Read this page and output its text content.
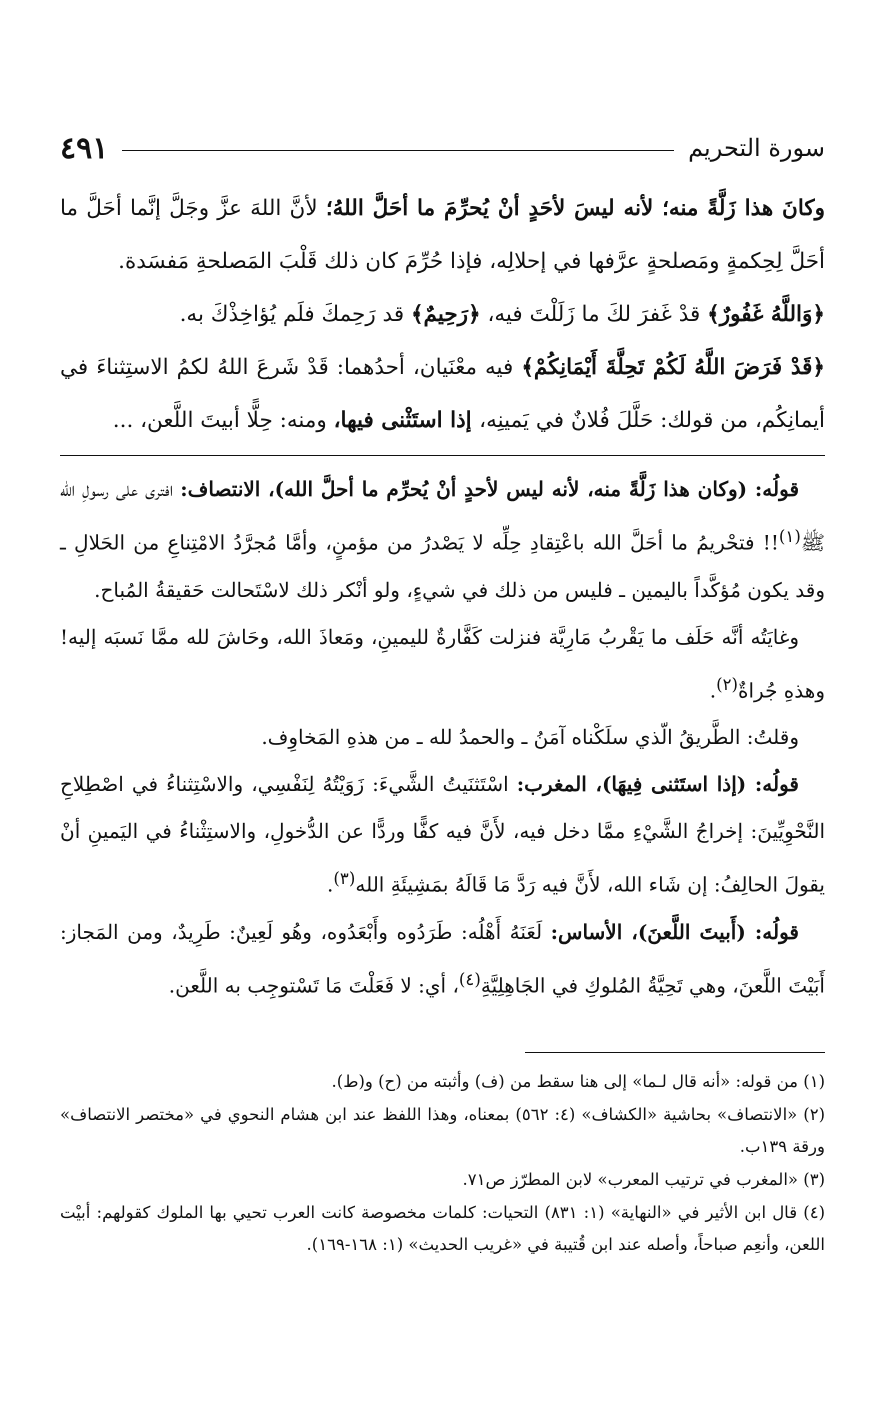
سورة التحريم
٤٩١

وكانَ هذا زَلَّةً منه؛ لأنه ليسَ لأحَدٍ أنْ يُحرِّمَ ما أحَلَّ اللهُ؛ لأنَّ اللهَ عزَّ وجَلَّ إنَّما أحَلَّ ما أحَلَّ لِحِكمةٍ ومَصلحةٍ عرَّفها في إحلالِه، فإذا حُرِّمَ كان ذلك قَلْبَ المَصلحةِ مَفسَدة.

﴿وَاللَّهُ غَفُورٌ﴾ قدْ غَفرَ لكَ ما زَلَلْتَ فيه، ﴿رَحِيمٌ﴾ قد رَحِمكَ فلَم يُؤاخِذْكَ به.

﴿قَدْ فَرَضَ اللَّهُ لَكُمْ تَحِلَّةَ أَيْمَانِكُمْ﴾ فيه معْنَيان، أحدُهما: قَدْ شَرعَ اللهُ لكمُ الاستِثناءَ في أيمانِكُم، من قولك: حَلَّلَ فُلانٌ في يَمينِه، إذا استَثْنى فيها، ومنه: حِلًّا أبيتَ اللَّعن، ...

قولُه: (وكان هذا زَلَّةً منه، لأنه ليس لأحدٍ أنْ يُحرِّم ما أحلَّ الله)، الانتصاف: افترى على رسولِ الله ﷺ$^{(١)}$!! فتحْريمُ ما أحَلَّ الله باعْتِقادِ حِلِّه لا يَصْدرُ من مؤمنٍ، وأمَّا مُجرَّدُ الامْتِناعِ من الحَلالِ ـ وقد يكون مُؤكَّداً باليمين ـ فليس من ذلك في شيءٍ، ولو أنْكر ذلك لاسْتَحالت حَقيقةُ المُباح.

وغايَتُه أنَّه حَلَف ما يَقْربُ مَارِيَّة فنزلت كَفَّارةٌ لليمينِ، ومَعاذَ الله، وحَاشَ لله ممَّا نَسبَه إليه! وهذهِ جُراةٌ$^{(٢)}$.

وقلتُ: الطَّريقُ الّذي سلَكْناه آمَنُ ـ والحمدُ لله ـ من هذهِ المَخاوِف.

قولُه: (إذا استَثنى فِيهَا)، المغرب: اسْتَثنَيتُ الشَّيءَ: زَوَيْتُهُ لِنَفْسِي، والاسْتِثناءُ في اصْطِلاحِ النَّحْوِيِّينَ: إخراجُ الشَّيْءِ ممَّا دخل فيه، لأَنَّ فيه كفًّا وردًّا عن الدُّخولِ، والاستِثْناءُ في اليَمينِ أنْ يقولَ الحالِفُ: إن شَاء الله، لأَنَّ فيه رَدَّ مَا قَالَهُ بمَشِيئَةِ الله$^{(٣)}$.

قولُه: (أَبيتَ اللَّعنَ)، الأساس: لَعَنَهُ أَهْلُه: طَرَدُوه وأَبْعَدُوه، وهُو لَعِينٌ: طَرِيدٌ، ومن المَجاز: أَبَيْتَ اللَّعنَ، وهي تَحِيَّةُ المُلوكِ في الجَاهِلِيَّةِ$^{(٤)}$، أي: لا فَعَلْتَ مَا تَسْتوجِب به اللَّعن.

(١) من قوله: «أنه قال لـما» إلى هنا سقط من (ف) وأثبته من (ح) و(ط).

(٢) «الانتصاف» بحاشية «الكشاف» (٤: ٥٦٢) بمعناه، وهذا اللفظ عند ابن هشام النحوي في «مختصر الانتصاف» ورقة ١٣٩ب.

(٣) «المغرب في ترتيب المعرب» لابن المطرّز ص٧١.

(٤) قال ابن الأثير في «النهاية» (١: ٨٣١) التحيات: كلمات مخصوصة كانت العرب تحيي بها الملوك كقولهم: أبيْت اللعن، وأنعِم صباحاً، وأصله عند ابن قُتيبة في «غريب الحديث» (١: ١٦٨-١٦٩).
